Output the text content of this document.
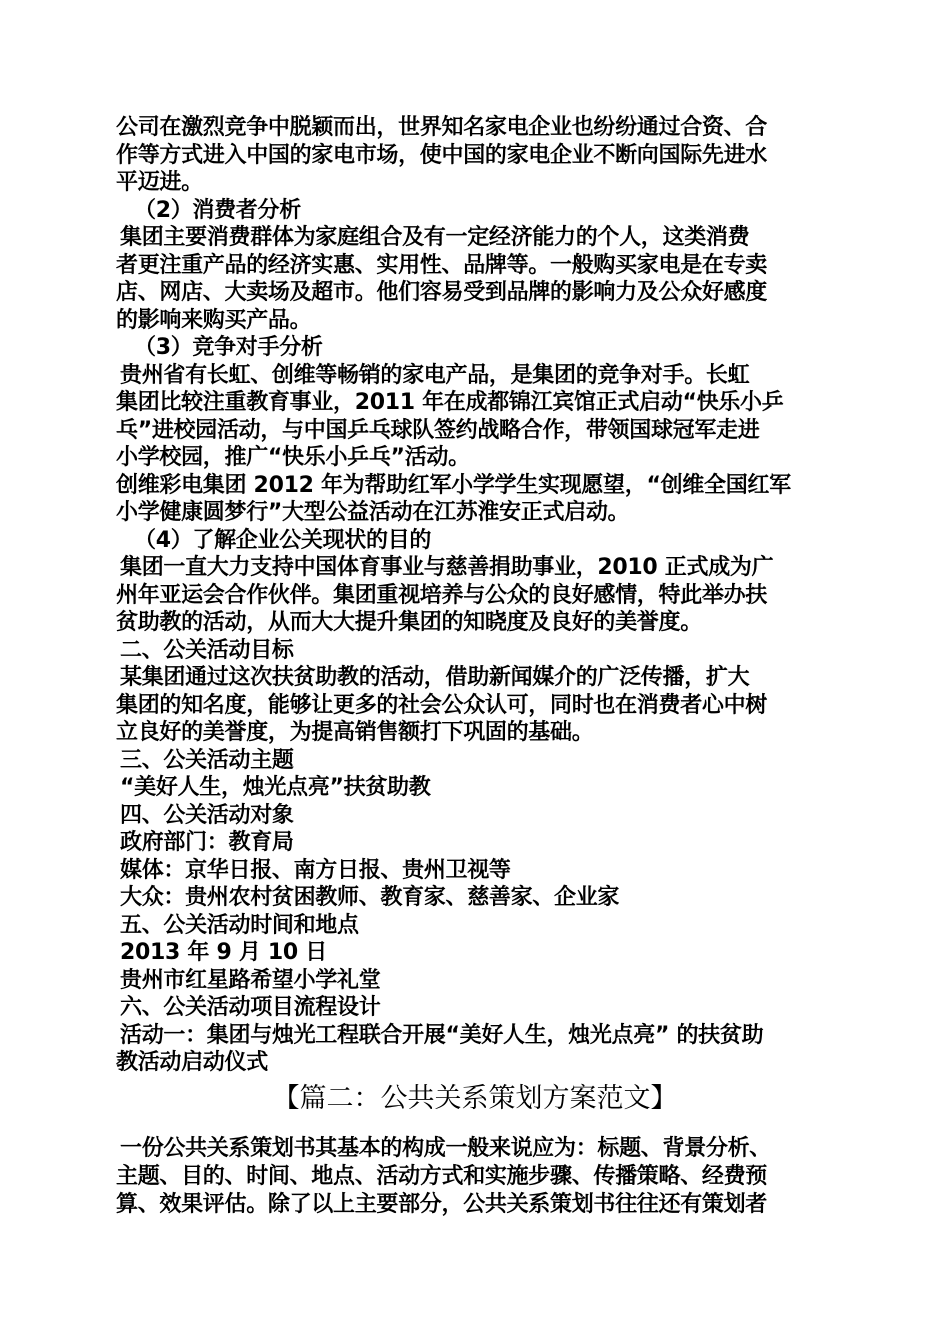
公司在激烈竞争中脱颖而出，世界知名家电企业也纷纷通过合资、合
作等方式进入中国的家电市场，使中国的家电企业不断向国际先进水
平迈进。
（2）消费者分析
集团主要消费群体为家庭组合及有一定经济能力的个人，这类消费
者更注重产品的经济实惠、实用性、品牌等。一般购买家电是在专卖
店、网店、大卖场及超市。他们容易受到品牌的影响力及公众好感度
的影响来购买产品。
（3）竞争对手分析
贵州省有长虹、创维等畅销的家电产品，是集团的竞争对手。长虹
集团比较注重教育事业，2011 年在成都锦江宾馆正式启动“快乐小乒
乓”进校园活动，与中国乒乓球队签约战略合作，带领国球冠军走进
小学校园，推广“快乐小乒乓”活动。
创维彩电集团 2012 年为帮助红军小学学生实现愿望，“创维全国红军
小学健康圆梦行”大型公益活动在江苏淮安正式启动。
（4）了解企业公关现状的目的
集团一直大力支持中国体育事业与慈善捐助事业，2010 正式成为广
州年亚运会合作伙伴。集团重视培养与公众的良好感情，特此举办扶
贫助教的活动，从而大大提升集团的知晓度及良好的美誉度。
二、公关活动目标
某集团通过这次扶贫助教的活动，借助新闻媒介的广泛传播，扩大
集团的知名度，能够让更多的社会公众认可，同时也在消费者心中树
立良好的美誉度，为提高销售额打下巩固的基础。
三、公关活动主题
“美好人生，烛光点亮”扶贫助教
四、公关活动对象
政府部门：教育局
媒体：京华日报、南方日报、贵州卫视等
大众：贵州农村贫困教师、教育家、慈善家、企业家
五、公关活动时间和地点
2013 年 9 月 10 日
贵州市红星路希望小学礼堂
六、公关活动项目流程设计
活动一：集团与烛光工程联合开展“美好人生，烛光点亮” 的扶贫助
教活动启动仪式
【篇二：公共关系策划方案范文】
一份公共关系策划书其基本的构成一般来说应为：标题、背景分析、
主题、目的、时间、地点、活动方式和实施步骤、传播策略、经费预
算、效果评估。除了以上主要部分，公共关系策划书往往还有策划者
